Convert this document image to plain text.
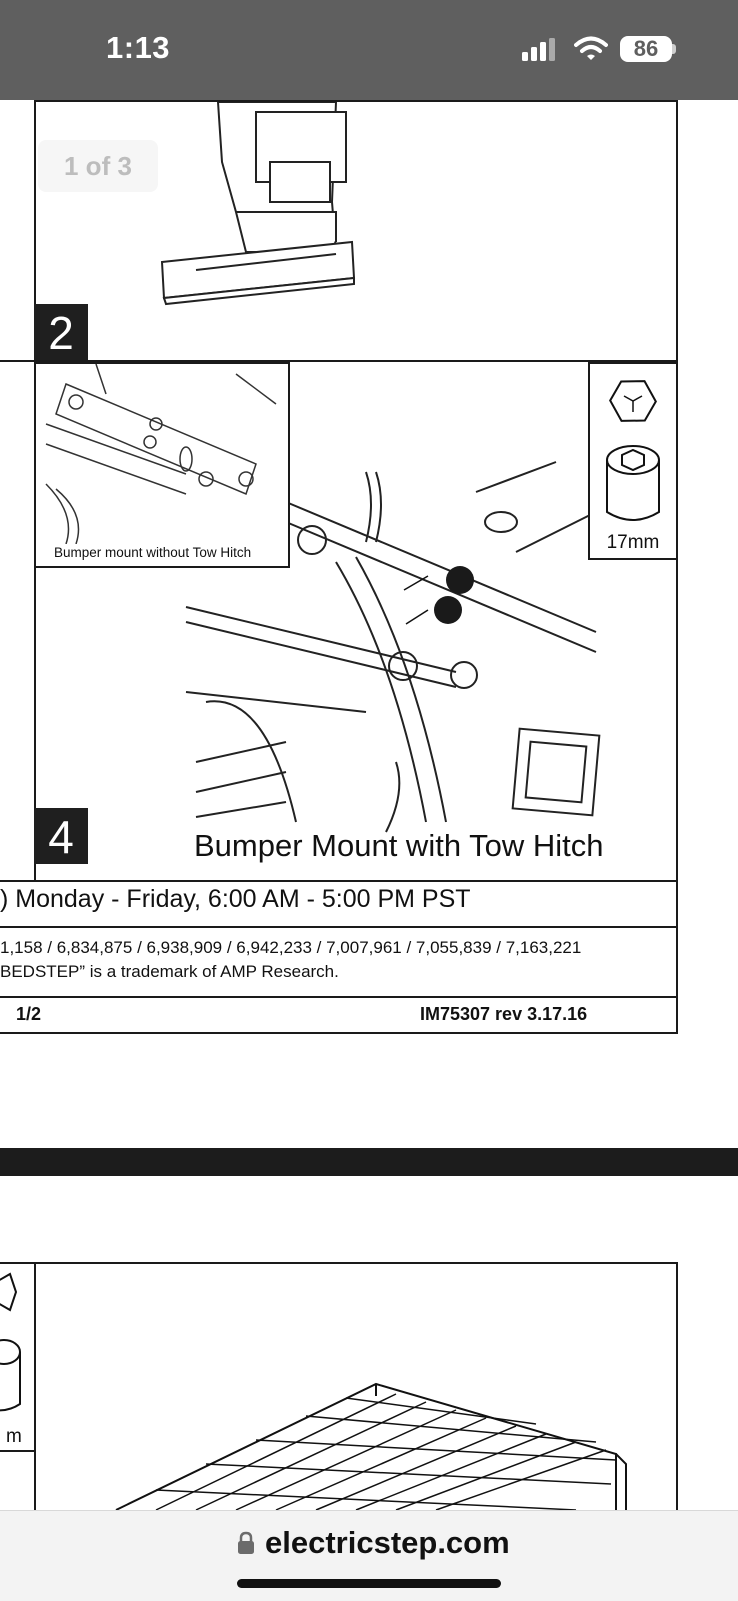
1:13	86
1 of 3
2
4	Bumper Mount with Tow Hitch
Bumper mount without Tow Hitch	17mm
) Monday - Friday, 6:00 AM - 5:00 PM PST
1,158 / 6,834,875 / 6,938,909 / 6,942,233 / 7,007,961 / 7,055,839 / 7,163,221
BEDSTEP” is a trademark of AMP Research.
1/2	IM75307 rev 3.17.16
m
electricstep.com
